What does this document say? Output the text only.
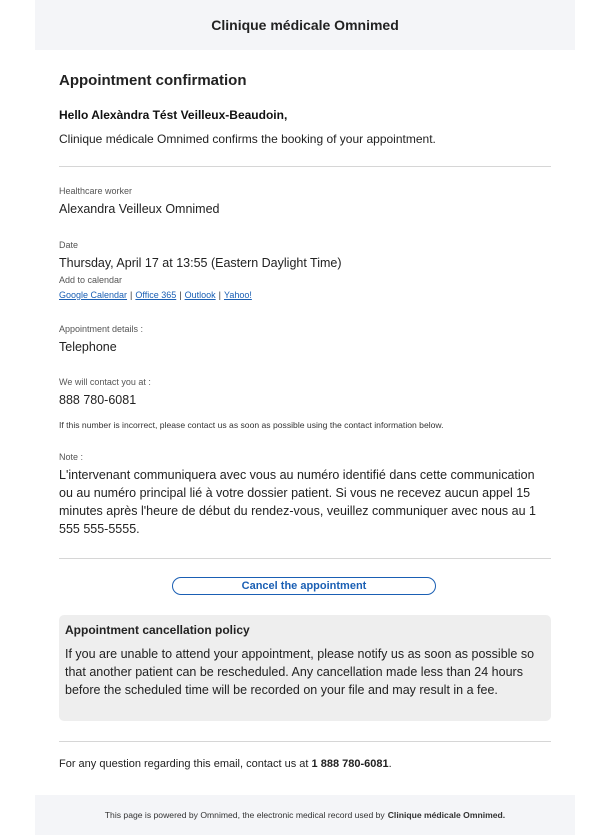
Clinique médicale Omnimed
Appointment confirmation
Hello Alexàndra Tést Veilleux-Beaudoin,
Clinique médicale Omnimed confirms the booking of your appointment.
Healthcare worker
Alexandra Veilleux Omnimed
Date
Thursday, April 17 at 13:55 (Eastern Daylight Time)
Add to calendar
Google Calendar | Office 365 | Outlook | Yahoo!
Appointment details :
Telephone
We will contact you at :
888 780-6081
If this number is incorrect, please contact us as soon as possible using the contact information below.
Note :
L'intervenant communiquera avec vous au numéro identifié dans cette communication ou au numéro principal lié à votre dossier patient. Si vous ne recevez aucun appel 15 minutes après l'heure de début du rendez-vous, veuillez communiquer avec nous au 1 555 555-5555.
Cancel the appointment
Appointment cancellation policy
If you are unable to attend your appointment, please notify us as soon as possible so that another patient can be rescheduled. Any cancellation made less than 24 hours before the scheduled time will be recorded on your file and may result in a fee.
For any question regarding this email, contact us at 1 888 780-6081.
This page is powered by Omnimed, the electronic medical record used by Clinique médicale Omnimed.
